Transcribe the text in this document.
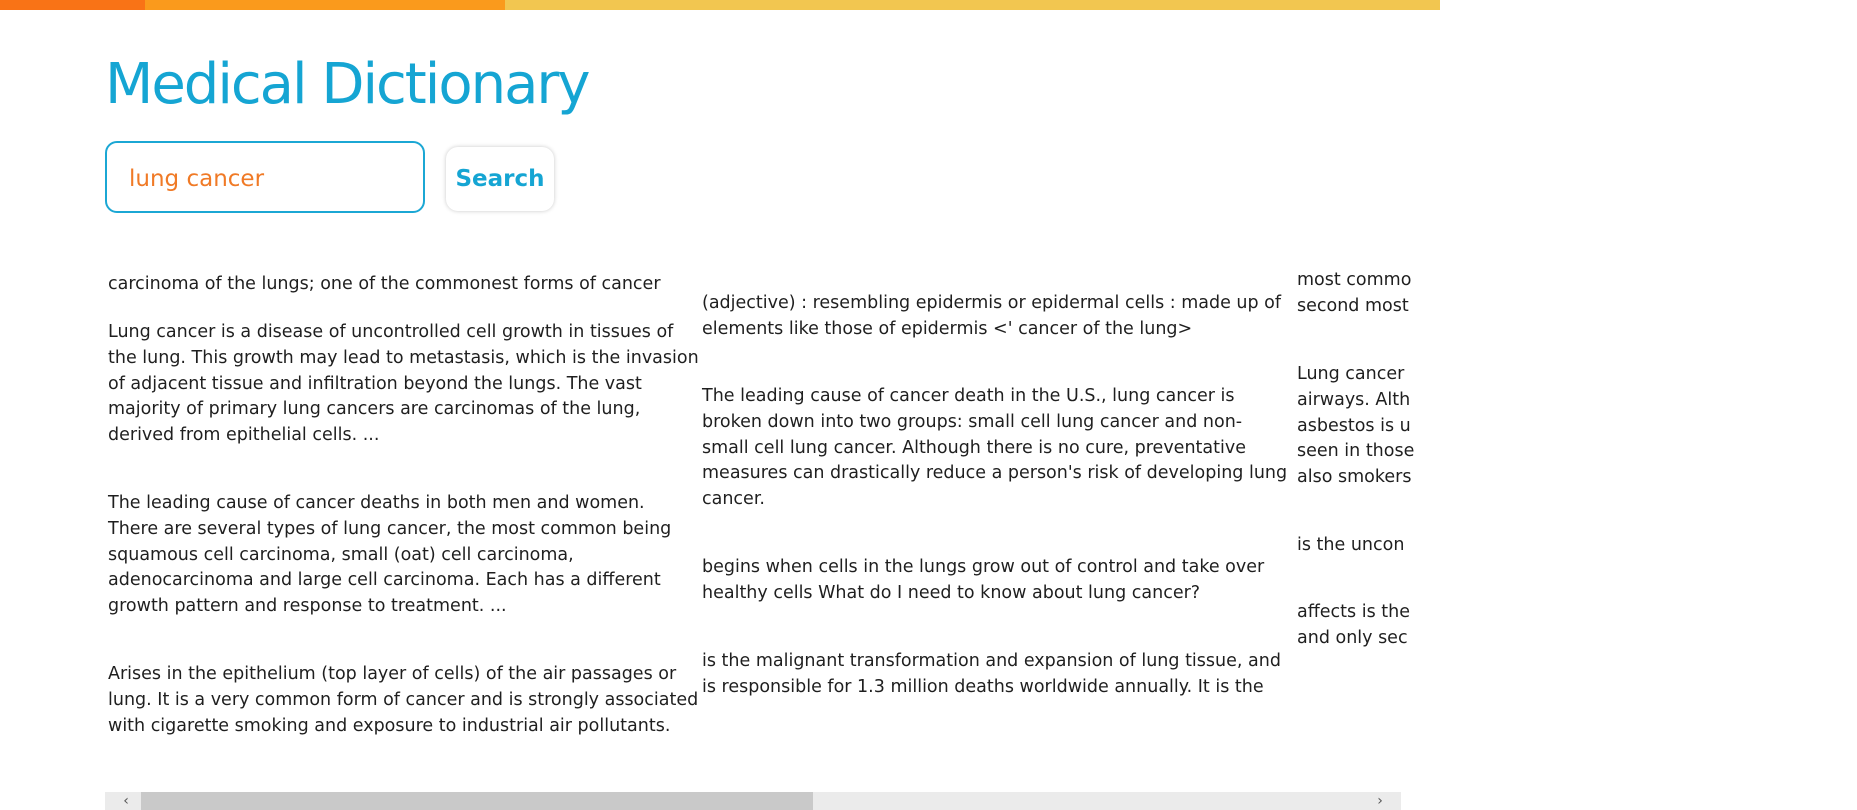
Medical Dictionary
lung cancer
Search

carcinoma of the lungs; one of the commonest forms of cancer

Lung cancer is a disease of uncontrolled cell growth in tissues of
the lung. This growth may lead to metastasis, which is the invasion
of adjacent tissue and infiltration beyond the lungs. The vast
majority of primary lung cancers are carcinomas of the lung,
derived from epithelial cells. ...

The leading cause of cancer deaths in both men and women.
There are several types of lung cancer, the most common being
squamous cell carcinoma, small (oat) cell carcinoma,
adenocarcinoma and large cell carcinoma. Each has a different
growth pattern and response to treatment. ...

Arises in the epithelium (top layer of cells) of the air passages or
lung. It is a very common form of cancer and is strongly associated
with cigarette smoking and exposure to industrial air pollutants.

(adjective) : resembling epidermis or epidermal cells : made up of
elements like those of epidermis <' cancer of the lung>

The leading cause of cancer death in the U.S., lung cancer is
broken down into two groups: small cell lung cancer and non-
small cell lung cancer. Although there is no cure, preventative
measures can drastically reduce a person's risk of developing lung
cancer.

begins when cells in the lungs grow out of control and take over
healthy cells What do I need to know about lung cancer?

is the malignant transformation and expansion of lung tissue, and
is responsible for 1.3 million deaths worldwide annually. It is the

most commo
second most

Lung cancer
airways. Alth
asbestos is u
seen in those
also smokers

is the uncon

affects is the
and only sec

‹	›
